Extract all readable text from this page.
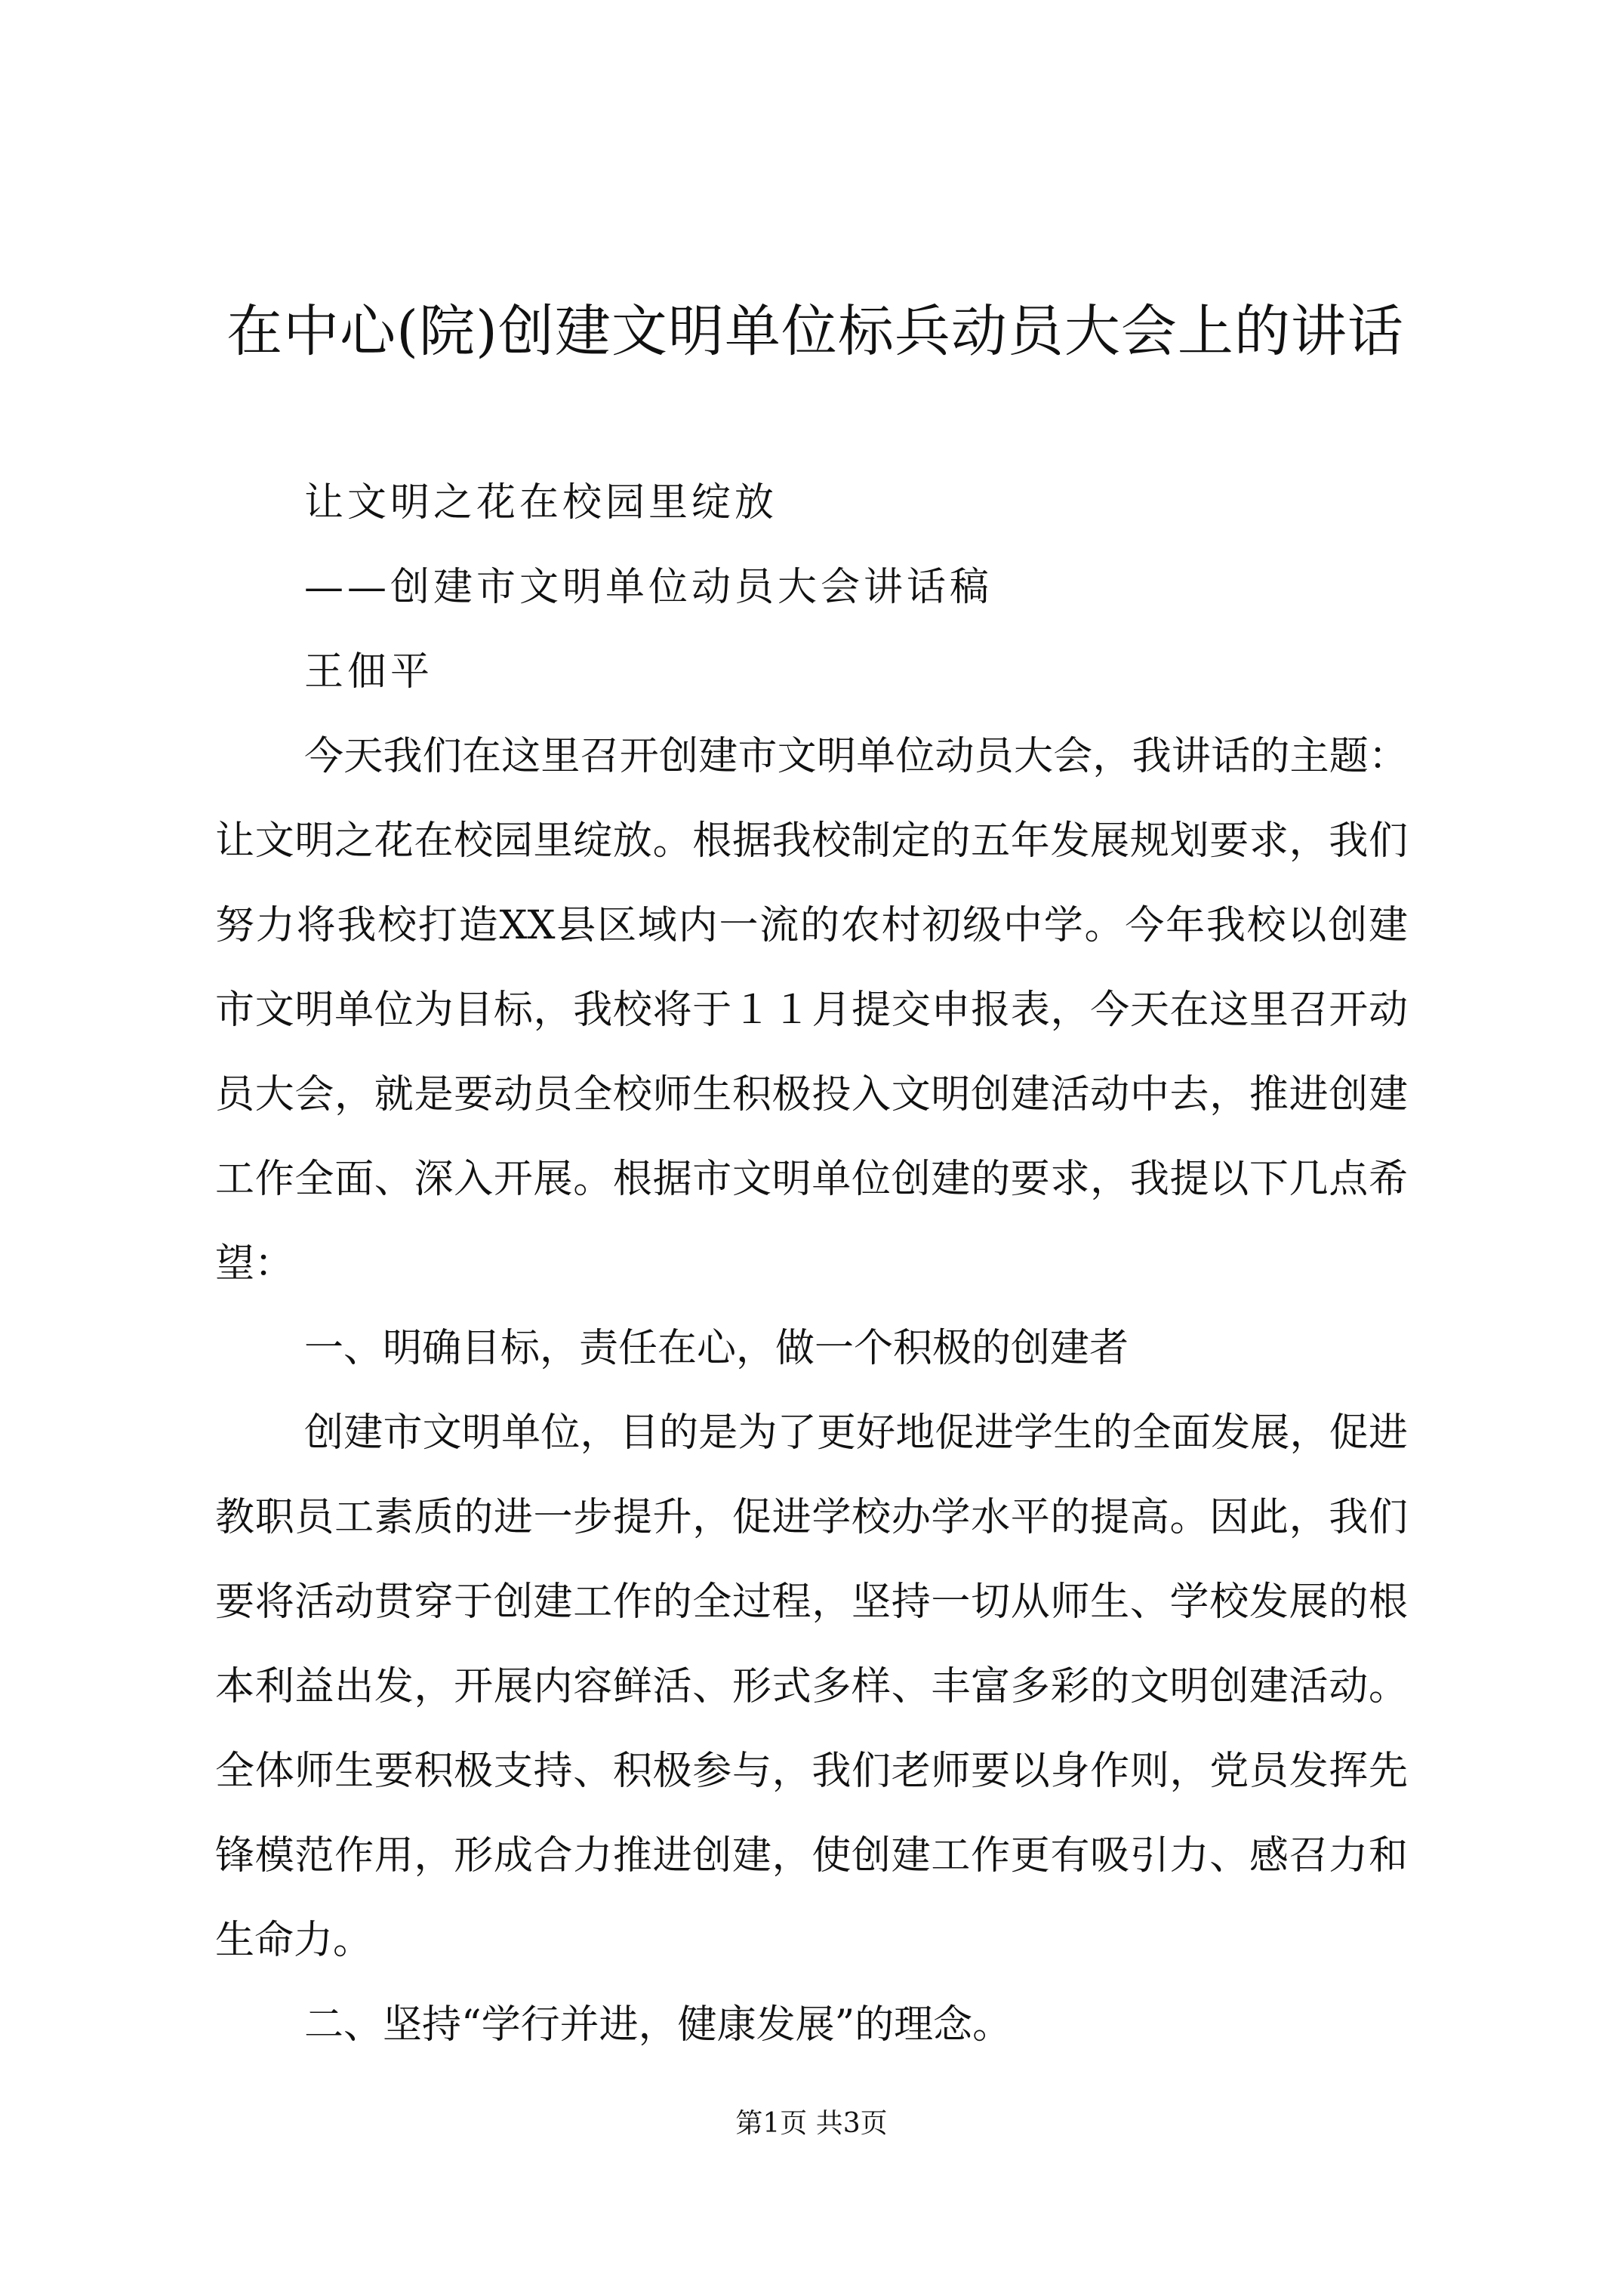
在中心(院)创建文明单位标兵动员大会上的讲话

让文明之花在校园里绽放

——创建市文明单位动员大会讲话稿

王佃平

今天我们在这里召开创建市文明单位动员大会，我讲话的主题：让文明之花在校园里绽放。根据我校制定的五年发展规划要求，我们努力将我校打造XX县区域内一流的农村初级中学。今年我校以创建市文明单位为目标，我校将于１１月提交申报表，今天在这里召开动员大会，就是要动员全校师生积极投入文明创建活动中去，推进创建工作全面、深入开展。根据市文明单位创建的要求，我提以下几点希望：

一、明确目标，责任在心，做一个积极的创建者

创建市文明单位，目的是为了更好地促进学生的全面发展，促进教职员工素质的进一步提升，促进学校办学水平的提高。因此，我们要将活动贯穿于创建工作的全过程，坚持一切从师生、学校发展的根本利益出发，开展内容鲜活、形式多样、丰富多彩的文明创建活动。全体师生要积极支持、积极参与，我们老师要以身作则，党员发挥先锋模范作用，形成合力推进创建，使创建工作更有吸引力、感召力和生命力。

二、坚持“学行并进，健康发展”的理念。

第1页 共3页
